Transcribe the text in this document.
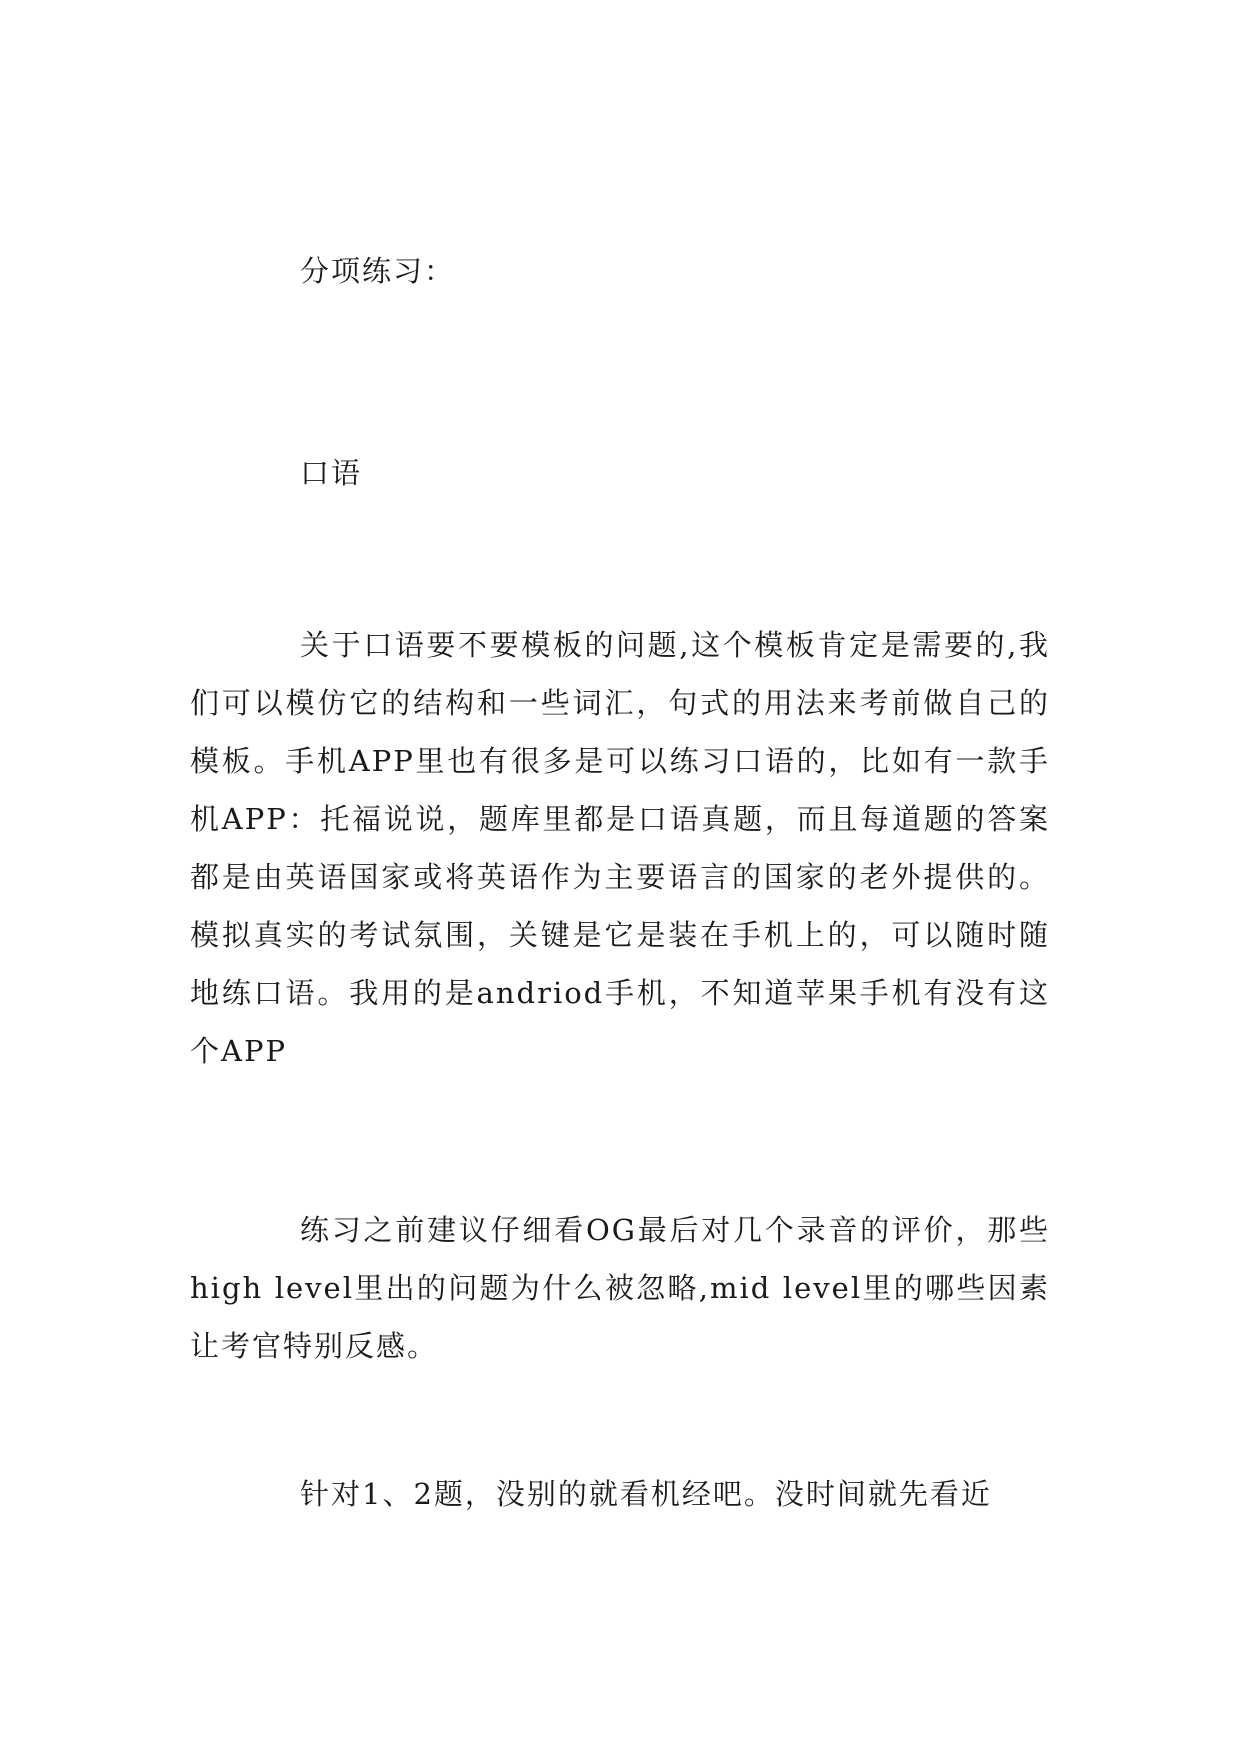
分项练习：
口语

关于口语要不要模板的问题,这个模板肯定是需要的,我们可以模仿它的结构和一些词汇，句式的用法来考前做自己的模板。手机APP里也有很多是可以练习口语的，比如有一款手机APP：托福说说，题库里都是口语真题，而且每道题的答案都是由英语国家或将英语作为主要语言的国家的老外提供的。模拟真实的考试氛围，关键是它是装在手机上的，可以随时随地练口语。我用的是andriod手机，不知道苹果手机有没有这个APP

练习之前建议仔细看OG最后对几个录音的评价，那些high level里出的问题为什么被忽略,mid level里的哪些因素让考官特别反感。

针对1、2题，没别的就看机经吧。没时间就先看近
